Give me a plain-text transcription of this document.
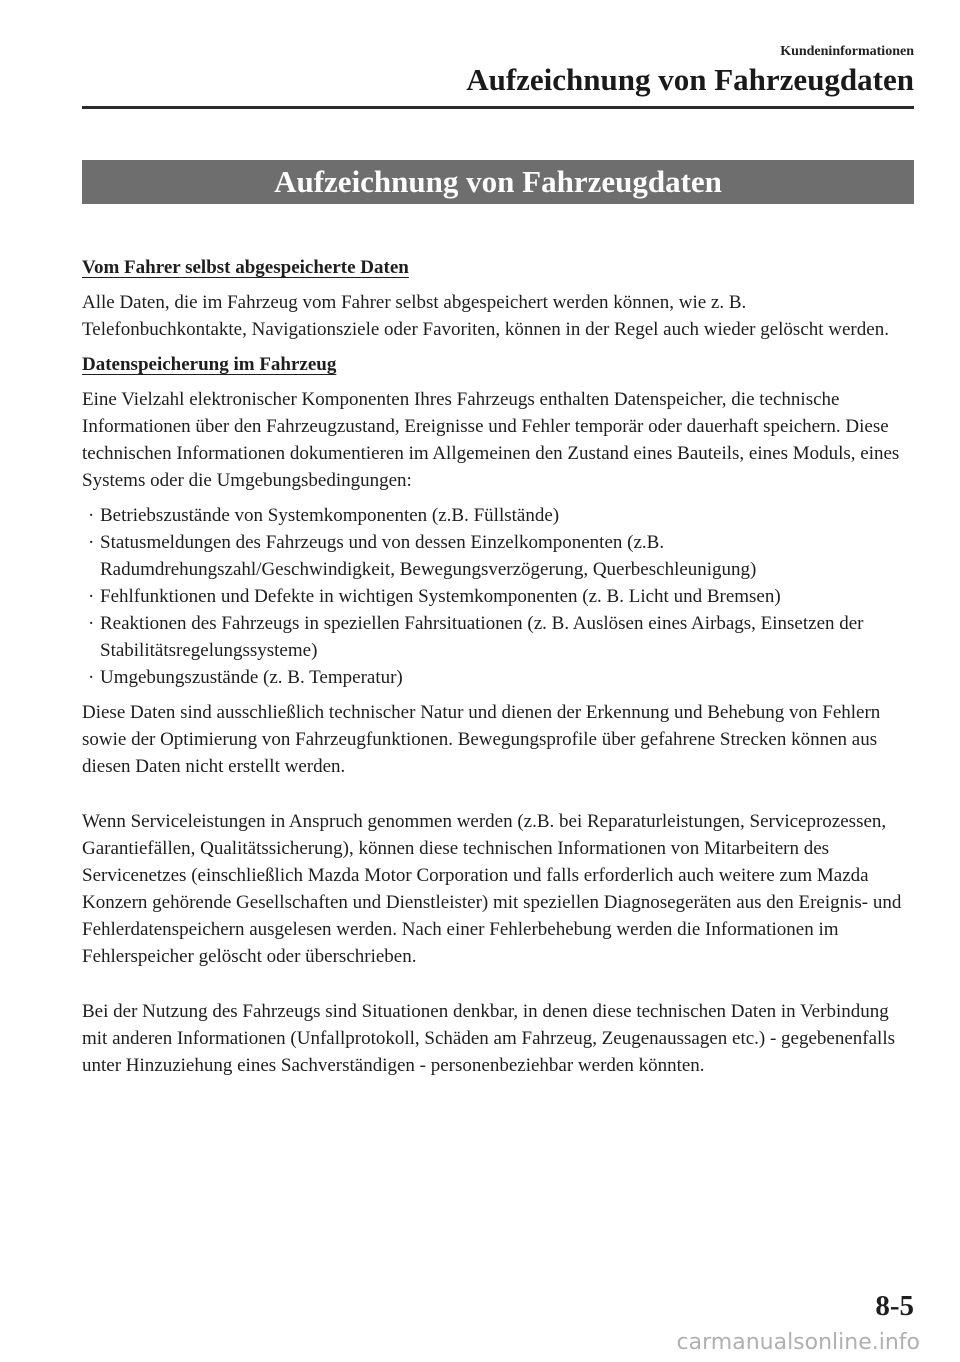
Kundeninformationen
Aufzeichnung von Fahrzeugdaten
Aufzeichnung von Fahrzeugdaten
Vom Fahrer selbst abgespeicherte Daten

Alle Daten, die im Fahrzeug vom Fahrer selbst abgespeichert werden können, wie z. B. Telefonbuchkontakte, Navigationsziele oder Favoriten, können in der Regel auch wieder gelöscht werden.

Datenspeicherung im Fahrzeug

Eine Vielzahl elektronischer Komponenten Ihres Fahrzeugs enthalten Datenspeicher, die technische Informationen über den Fahrzeugzustand, Ereignisse und Fehler temporär oder dauerhaft speichern. Diese technischen Informationen dokumentieren im Allgemeinen den Zustand eines Bauteils, eines Moduls, eines Systems oder die Umgebungsbedingungen:

· Betriebszustände von Systemkomponenten (z.B. Füllstände)
· Statusmeldungen des Fahrzeugs und von dessen Einzelkomponenten (z.B. Radumdrehungszahl/Geschwindigkeit, Bewegungsverzögerung, Querbeschleunigung)
· Fehlfunktionen und Defekte in wichtigen Systemkomponenten (z. B. Licht und Bremsen)
· Reaktionen des Fahrzeugs in speziellen Fahrsituationen (z. B. Auslösen eines Airbags, Einsetzen der Stabilitätsregelungssysteme)
· Umgebungszustände (z. B. Temperatur)

Diese Daten sind ausschließlich technischer Natur und dienen der Erkennung und Behebung von Fehlern sowie der Optimierung von Fahrzeugfunktionen. Bewegungsprofile über gefahrene Strecken können aus diesen Daten nicht erstellt werden.

Wenn Serviceleistungen in Anspruch genommen werden (z.B. bei Reparaturleistungen, Serviceprozessen, Garantiefällen, Qualitätssicherung), können diese technischen Informationen von Mitarbeitern des Servicenetzes (einschließlich Mazda Motor Corporation und falls erforderlich auch weitere zum Mazda Konzern gehörende Gesellschaften und Dienstleister) mit speziellen Diagnosegeräten aus den Ereignis- und Fehlerdatenspeichern ausgelesen werden. Nach einer Fehlerbehebung werden die Informationen im Fehlerspeicher gelöscht oder überschrieben.

Bei der Nutzung des Fahrzeugs sind Situationen denkbar, in denen diese technischen Daten in Verbindung mit anderen Informationen (Unfallprotokoll, Schäden am Fahrzeug, Zeugenaussagen etc.) - gegebenenfalls unter Hinzuziehung eines Sachverständigen - personenbeziehbar werden könnten.

8-5
carmanualsonline.info
